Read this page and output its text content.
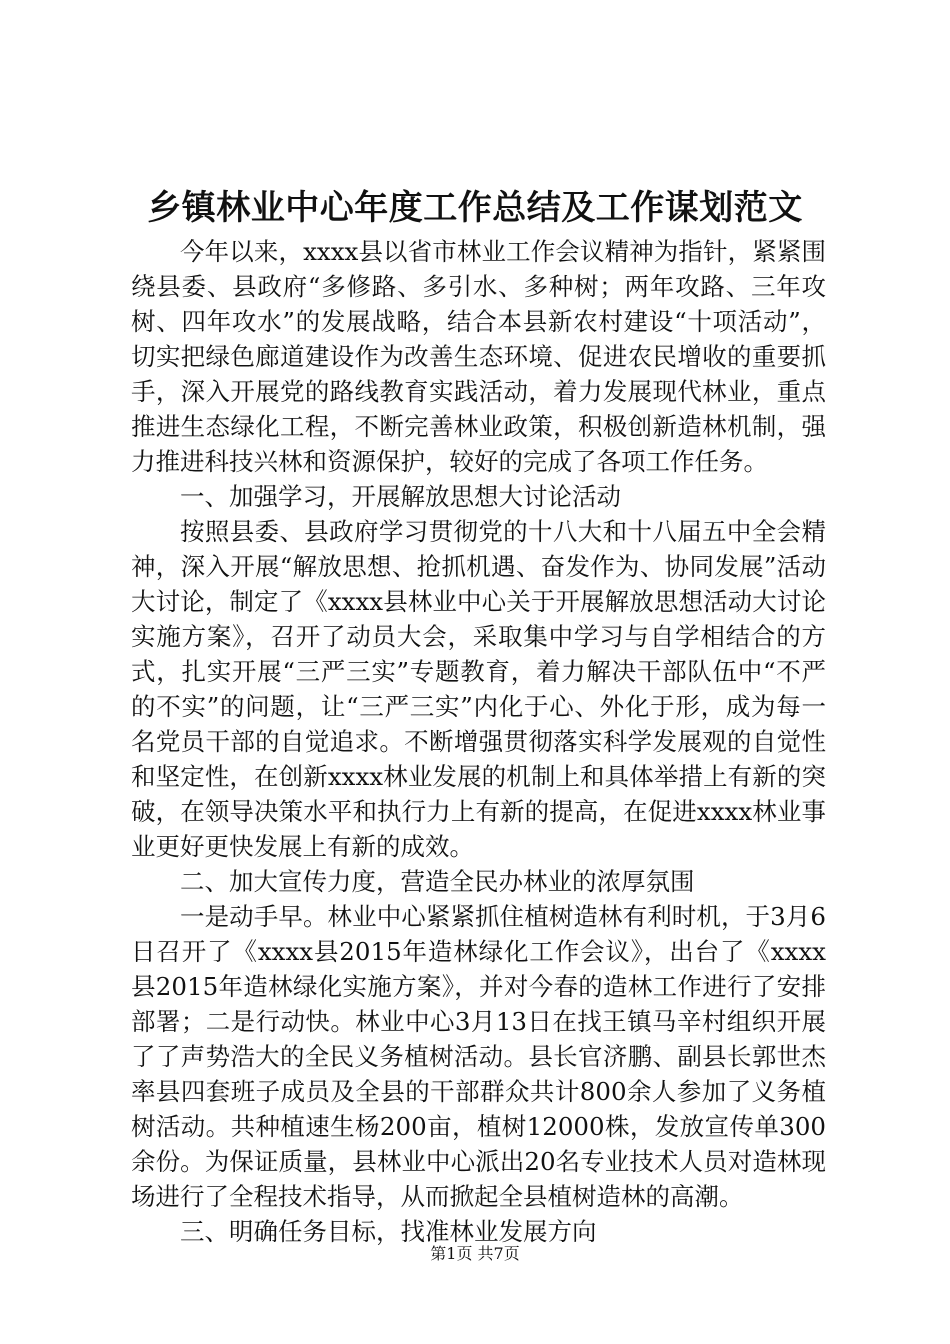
乡镇林业中心年度工作总结及工作谋划范文

今年以来，xxxx县以省市林业工作会议精神为指针，紧紧围绕县委、县政府“多修路、多引水、多种树；两年攻路、三年攻树、四年攻水”的发展战略，结合本县新农村建设“十项活动”，切实把绿色廊道建设作为改善生态环境、促进农民增收的重要抓手，深入开展党的路线教育实践活动，着力发展现代林业，重点推进生态绿化工程，不断完善林业政策，积极创新造林机制，强力推进科技兴林和资源保护，较好的完成了各项工作任务。

一、加强学习，开展解放思想大讨论活动

按照县委、县政府学习贯彻党的十八大和十八届五中全会精神，深入开展“解放思想、抢抓机遇、奋发作为、协同发展”活动大讨论，制定了《xxxx县林业中心关于开展解放思想活动大讨论实施方案》，召开了动员大会，采取集中学习与自学相结合的方式，扎实开展“三严三实”专题教育，着力解决干部队伍中“不严的不实”的问题，让“三严三实”内化于心、外化于形，成为每一名党员干部的自觉追求。不断增强贯彻落实科学发展观的自觉性和坚定性，在创新xxxx林业发展的机制上和具体举措上有新的突破，在领导决策水平和执行力上有新的提高，在促进xxxx林业事业更好更快发展上有新的成效。

二、加大宣传力度，营造全民办林业的浓厚氛围

一是动手早。林业中心紧紧抓住植树造林有利时机，于3月6日召开了《xxxx县2015年造林绿化工作会议》，出台了《xxxx县2015年造林绿化实施方案》，并对今春的造林工作进行了安排部署；二是行动快。林业中心3月13日在找王镇马辛村组织开展了了声势浩大的全民义务植树活动。县长官济鹏、副县长郭世杰率县四套班子成员及全县的干部群众共计800余人参加了义务植树活动。共种植速生杨200亩，植树12000株，发放宣传单300余份。为保证质量，县林业中心派出20名专业技术人员对造林现场进行了全程技术指导，从而掀起全县植树造林的高潮。

三、明确任务目标，找准林业发展方向

第1页 共7页
